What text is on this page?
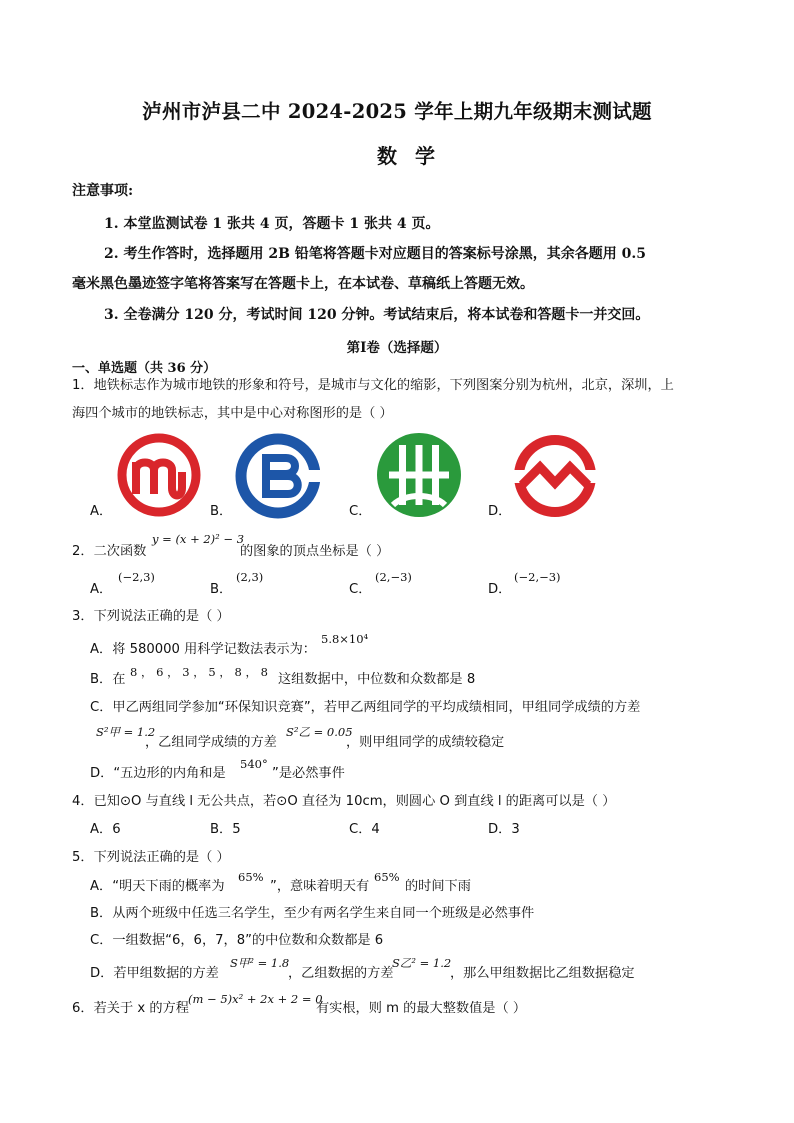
泸州市泸县二中 2024-2025 学年上期九年级期末测试题
数学
注意事项:
1. 本堂监测试卷 1 张共 4 页，答题卡 1 张共 4 页。
2. 考生作答时，选择题用 2B 铅笔将答题卡对应题目的答案标号涂黑，其余各题用 0.5
毫米黑色墨迹签字笔将答案写在答题卡上，在本试卷、草稿纸上答题无效。
3. 全卷满分 120 分，考试时间 120 分钟。考试结束后，将本试卷和答题卡一并交回。
第Ⅰ卷（选择题）
一、单选题（共 36 分）
1．地铁标志作为城市地铁的形象和符号，是城市与文化的缩影，下列图案分别为杭州，北京，深圳，上
海四个城市的地铁标志，其中是中心对称图形的是（ ）
A．	B．	C．	D．
2．二次函数
y = (x + 2)² − 3
的图象的顶点坐标是（ ）
A．
(−2,3)
B．
(2,3)
C．
(2,−3)
D．
(−2,−3)
3．下列说法正确的是（ ）
A．将 580000 用科学记数法表示为：
5.8×10⁴
B．在 8 ， 6 ， 3 ， 5 ， 8 ， 8 这组数据中，中位数和众数都是 8
C．甲乙两组同学参加“环保知识竞赛”，若甲乙两组同学的平均成绩相同，甲组同学成绩的方差
S²甲 = 1.2
，乙组同学成绩的方差
S²乙 = 0.05
，则甲组同学的成绩较稳定
D．“五边形的内角和是
540°
”是必然事件
4．已知⊙O 与直线 l 无公共点，若⊙O 直径为 10cm，则圆心 O 到直线 l 的距离可以是（ ）
A．6	B．5	C．4	D．3
5．下列说法正确的是（ ）
A．“明天下雨的概率为
65%
”，意味着明天有
65%
的时间下雨
B．从两个班级中任选三名学生，至少有两名学生来自同一个班级是必然事件
C．一组数据“6，6，7，8”的中位数和众数都是 6
D．若甲组数据的方差
S甲² = 1.8
，乙组数据的方差
S乙² = 1.2
，那么甲组数据比乙组数据稳定
6．若关于 x 的方程
(m − 5)x² + 2x + 2 = 0
有实根，则 m 的最大整数值是（ ）
